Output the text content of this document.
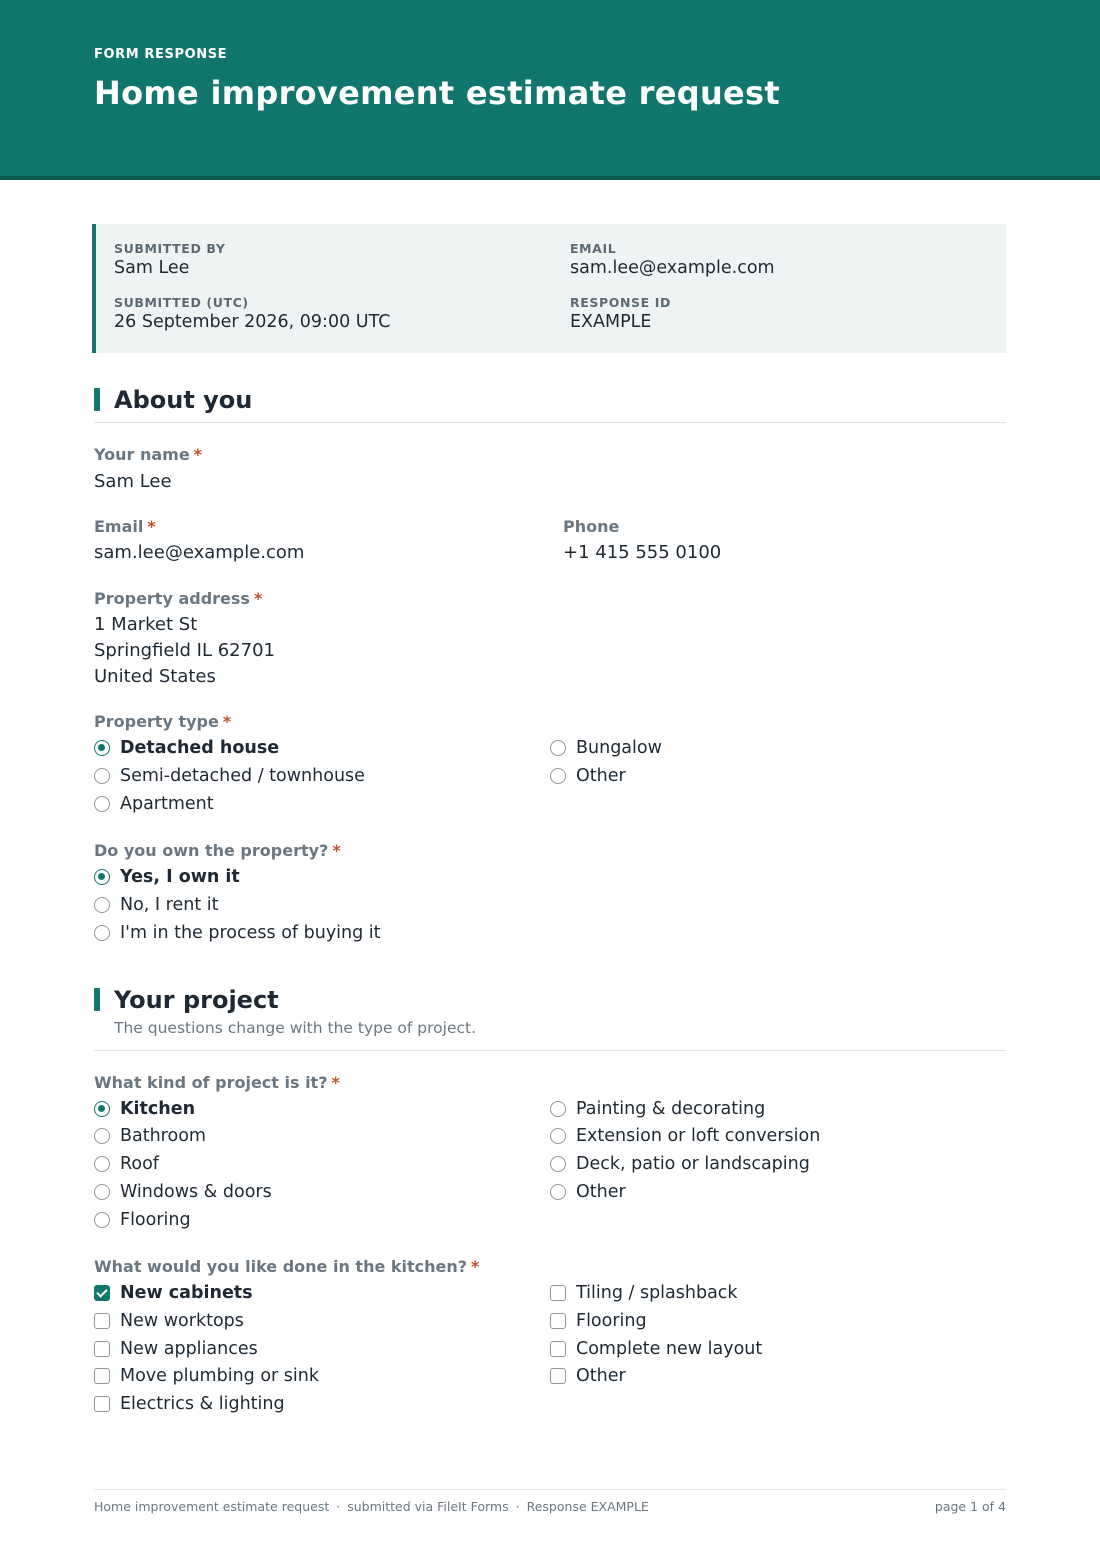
FORM RESPONSE
Home improvement estimate request
SUBMITTED BY
Sam Lee
EMAIL
sam.lee@example.com
SUBMITTED (UTC)
26 September 2026, 09:00 UTC
RESPONSE ID
EXAMPLE
About you
Your name *
Sam Lee
Email *
sam.lee@example.com
Phone
+1 415 555 0100
Property address *
1 Market St
Springfield IL 62701
United States
Property type *
Detached house
Semi-detached / townhouse
Apartment
Bungalow
Other
Do you own the property? *
Yes, I own it
No, I rent it
I'm in the process of buying it
Your project
The questions change with the type of project.
What kind of project is it? *
Kitchen
Bathroom
Roof
Windows & doors
Flooring
Painting & decorating
Extension or loft conversion
Deck, patio or landscaping
Other
What would you like done in the kitchen? *
New cabinets
New worktops
New appliances
Move plumbing or sink
Electrics & lighting
Tiling / splashback
Flooring
Complete new layout
Other
Home improvement estimate request · submitted via FileIt Forms · Response EXAMPLE	page 1 of 4
